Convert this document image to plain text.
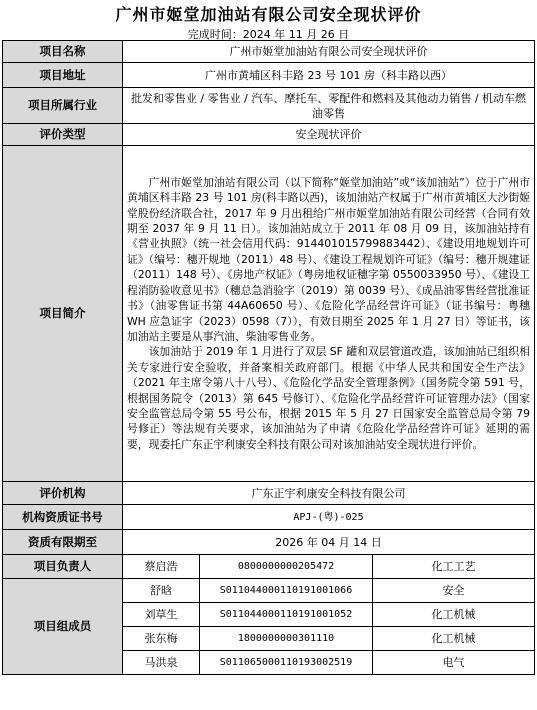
广州市姬堂加油站有限公司安全现状评价
完成时间：2024 年 11 月 26 日
项目名称	广州市姬堂加油站有限公司安全现状评价		
项目地址	广州市黄埔区科丰路 23 号 101 房（科丰路以西）		
项目所属行业	批发和零售业 / 零售业 / 汽车、摩托车、零配件和燃料及其他动力销售 / 机动车燃油零售		
评价类型	安全现状评价		
项目简介	广州市姬堂加油站有限公司（以下简称“姬堂加油站”或“该加油站”）位于广州市黄埔区科丰路 23 号 101 房(科丰路以西)，该加油站产权属于广州市黄埔区大沙街姬堂股份经济联合社，2017 年 9 月出租给广州市姬堂加油站有限公司经营（合同有效期至 2037 年 9 月 11 日）。该加油站成立于 2011 年 08 月 09 日，该加油站持有《营业执照》（统一社会信用代码：914401015799883442）、《建设用地规划许可证》（编号：穗开规地（2011）48 号）、《建设工程规划许可证》（编号：穗开规建证（2011）148 号）、《房地产权证》（粤房地权证穗字第 0550033950 号）、《建设工程消防验收意见书》（穗总急消验字（2019）第 0039 号）、《成品油零售经营批准证书》（油零售证书第 44A60650 号）、《危险化学品经营许可证》（证书编号：粤穗 WH 应急证字（2023）0598（7）），有效日期至 2025 年 1 月 27 日）等证书，该加油站主要是从事汽油、柴油零售业务。
该加油站于 2019 年 1 月进行了双层 SF 罐和双层管道改造，该加油站已组织相关专家进行安全验收，并备案相关政府部门。根据《中华人民共和国安全生产法》（2021 年主席令第八十八号）、《危险化学品安全管理条例》（国务院令第 591 号，根据国务院令（2013）第 645 号修订）、《危险化学品经营许可证管理办法》（国家安全监管总局令第 55 号公布，根据 2015 年 5 月 27 日国家安全监管总局令第 79 号修正）等法规有关要求，该加油站为了申请《危险化学品经营许可证》延期的需要，现委托广东正宇利康安全科技有限公司对该加油站安全现状进行评价。		

评价机构	广东正宇利康安全科技有限公司		
机构资质证书号	APJ-(粤)-025		
资质有限期至	2026 年 04 月 14 日		
项目负责人	蔡启浩	0800000000205472	化工工艺
项目组成员	舒晗	S011044000110191001066	安全
	刘草生	S011044000110191001052	化工机械
	张东梅	1800000000301110	化工机械
	马洪泉	S011065000110193002519	电气
